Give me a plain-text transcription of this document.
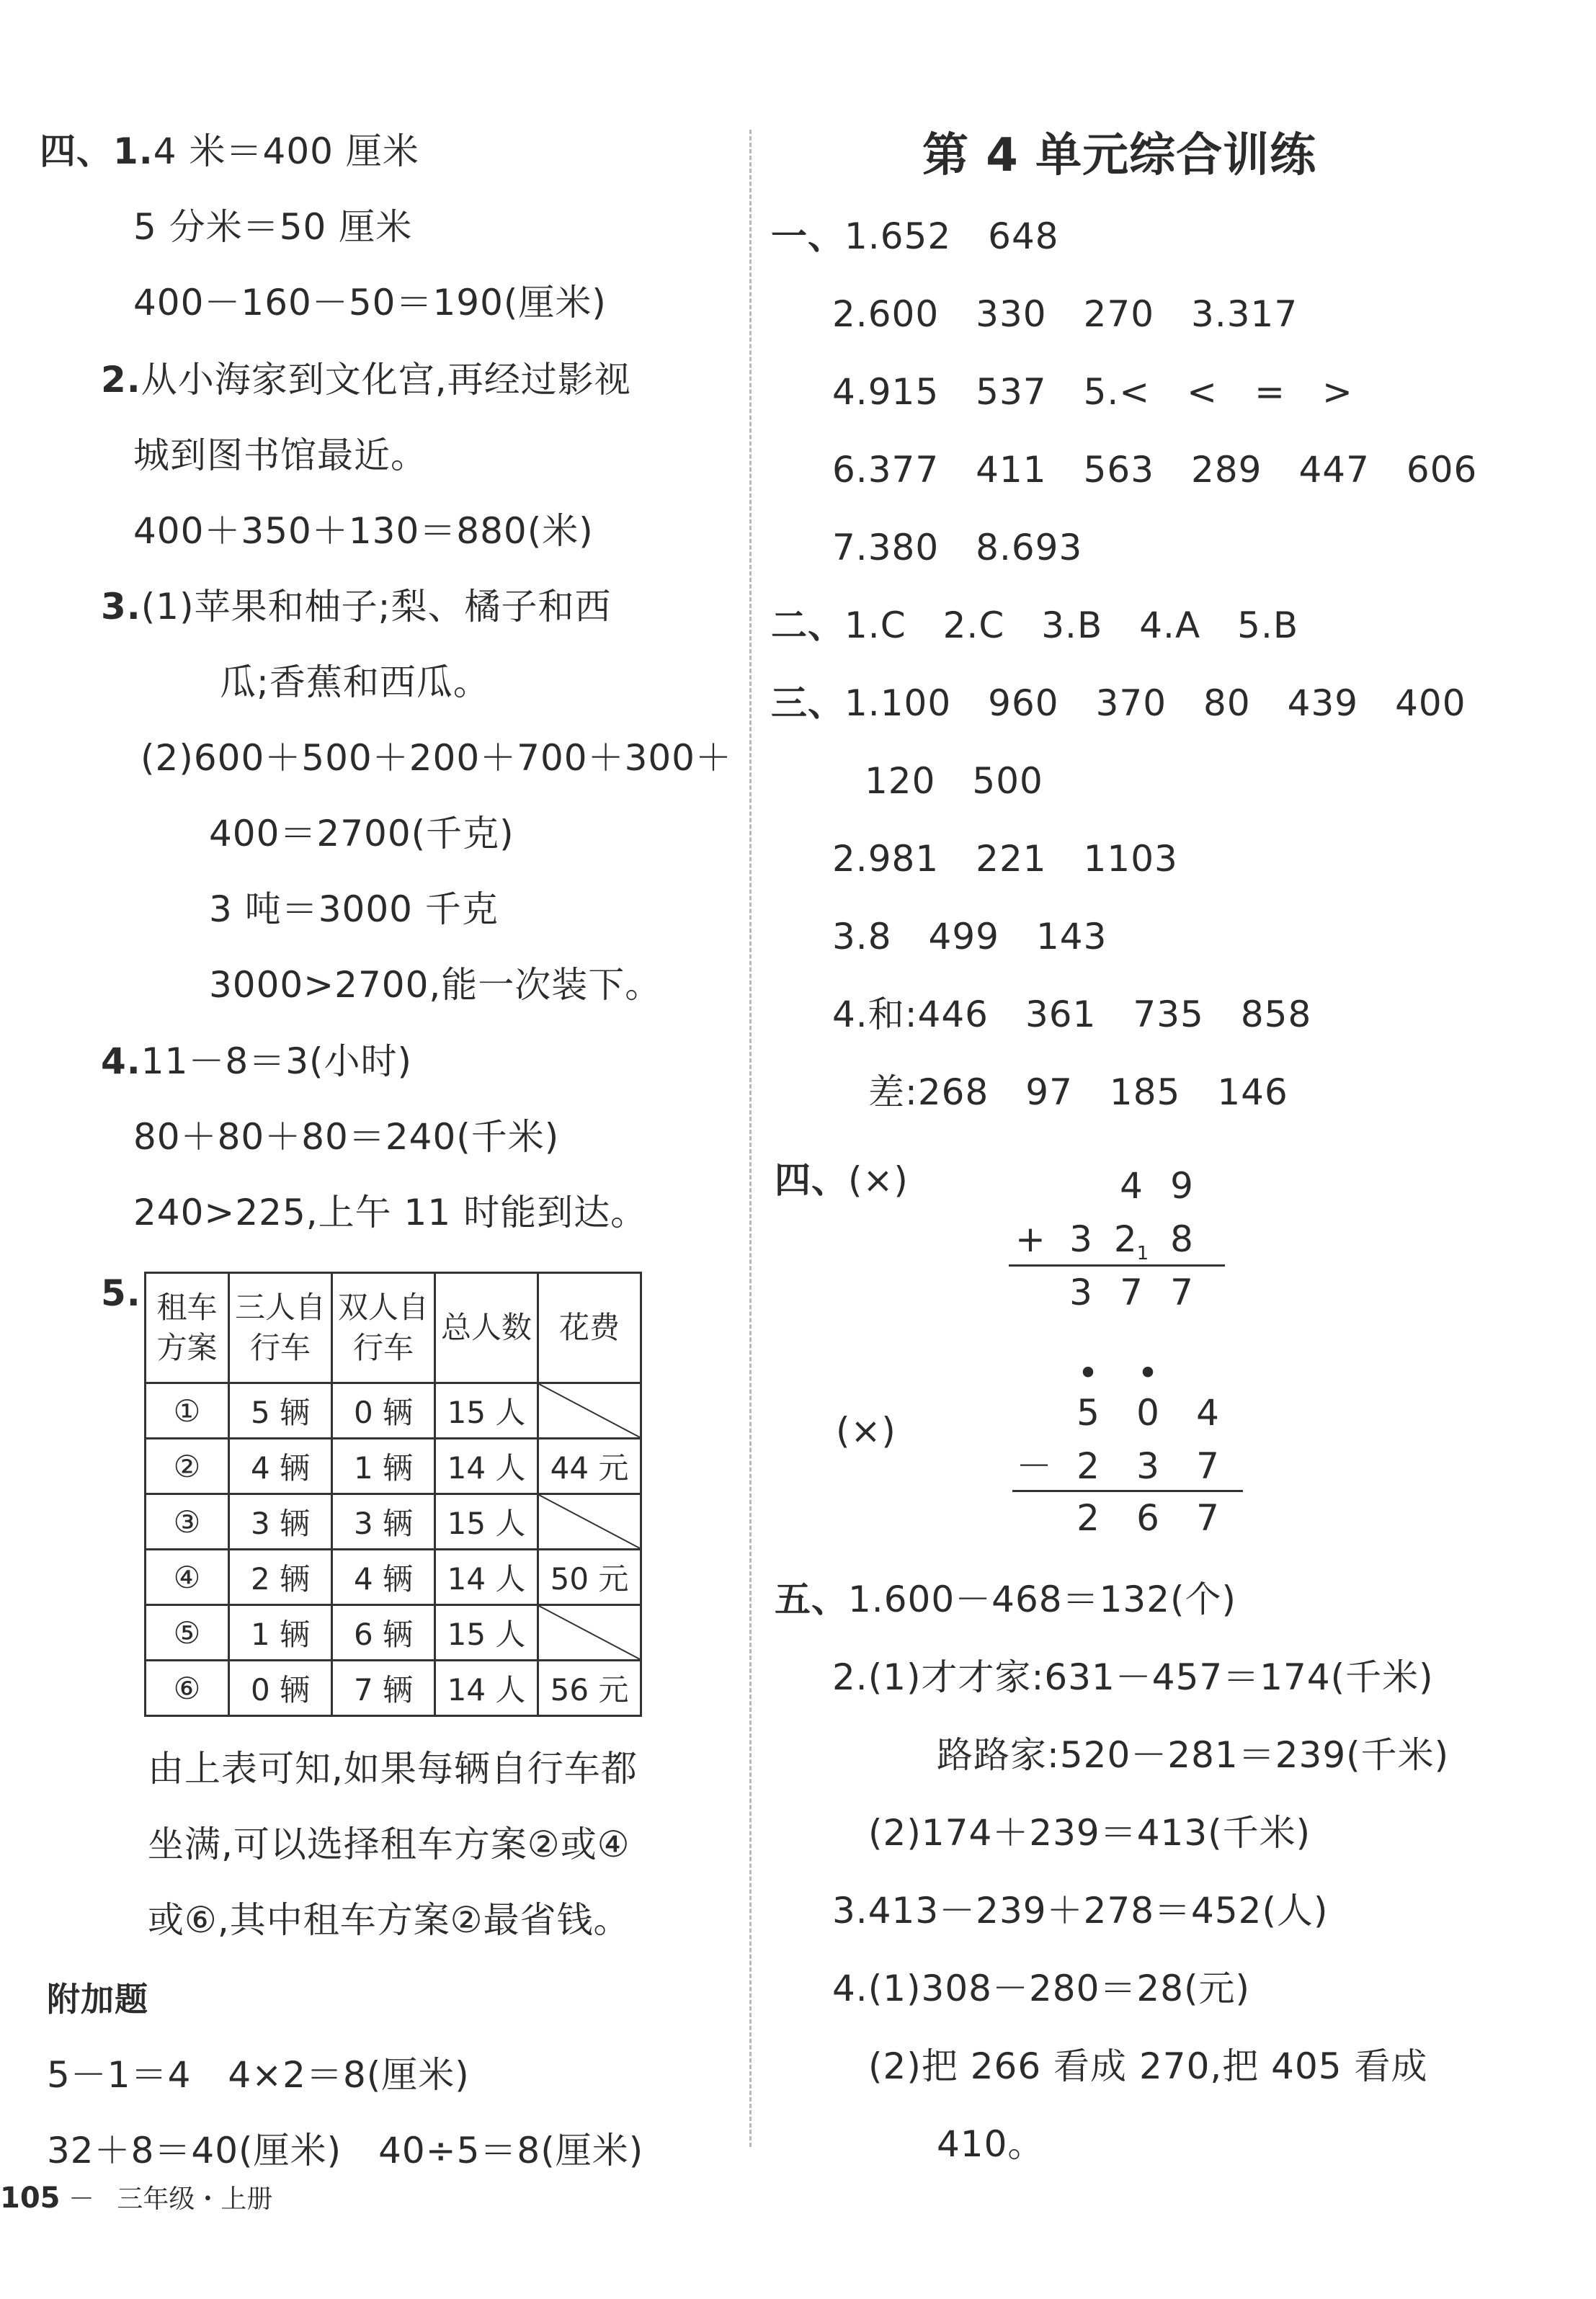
四、1.4 米＝400 厘米
5 分米＝50 厘米
400－160－50＝190(厘米)
2.从小海家到文化宫,再经过影视
城到图书馆最近。
400＋350＋130＝880(米)
3.(1)苹果和柚子;梨、橘子和西
瓜;香蕉和西瓜。
(2)600＋500＋200＋700＋300＋
400＝2700(千克)
3 吨＝3000 千克
3000>2700,能一次装下。
4.11－8＝3(小时)
80＋80＋80＝240(千米)
240>225,上午 11 时能到达。
5. 租车方案	三人自行车	双人自行车	总人数	花费
①	5 辆	0 辆	15 人	

②	4 辆	1 辆	14 人	44 元
③	3 辆	3 辆	15 人	

④	2 辆	4 辆	14 人	50 元
⑤	1 辆	6 辆	15 人	

⑥	0 辆	7 辆	14 人	56 元
由上表可知,如果每辆自行车都
坐满,可以选择租车方案②或④
或⑥,其中租车方案②最省钱。
附加题
5－1＝4　4×2＝8(厘米)
32＋8＝40(厘米)　40÷5＝8(厘米)
第 4 单元综合训练
一、1.652　648
2.600　330　270　3.317
4.915　537　5.<　<　=　>
6.377　411　563　289　447　606
7.380　8.693
二、1.C　2.C　3.B　4.A　5.B
三、1.100　960　370　80　439　400
120　500
2.981　221　1103
3.8　499　143
4.和:446　361　735　858
差:268　97　185　146
四、(×)	4 9
+ 3 $2_1$ 8
3 7 7
(×)
•	•
5	0	4
－ 2	3	7
2	6	7
五、1.600－468＝132(个)
2.(1)才才家:631－457＝174(千米)
路路家:520－281＝239(千米)
(2)174＋239＝413(千米)
3.413－239＋278＝452(人)
4.(1)308－280＝28(元)
(2)把 266 看成 270,把 405 看成
410。
105 － 三年级・上册
